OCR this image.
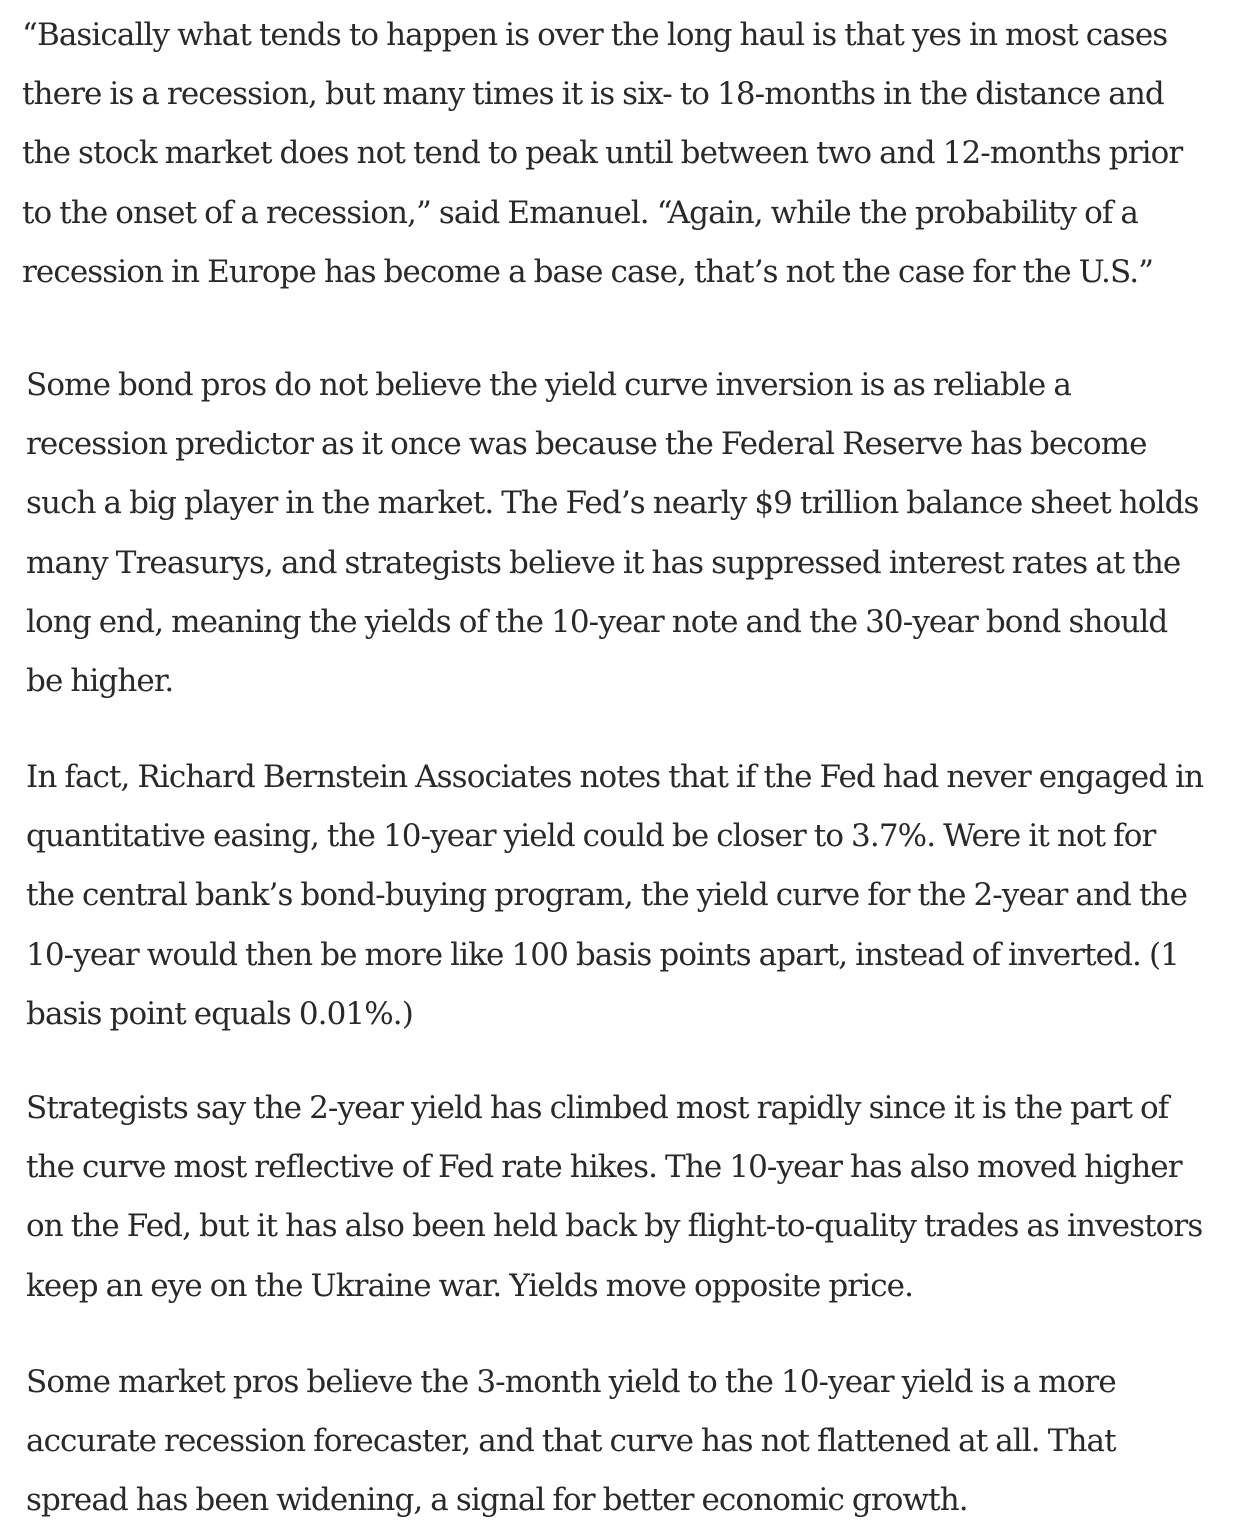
“Basically what tends to happen is over the long haul is that yes in most cases
there is a recession, but many times it is six- to 18-months in the distance and
the stock market does not tend to peak until between two and 12-months prior
to the onset of a recession,” said Emanuel. “Again, while the probability of a
recession in Europe has become a base case, that’s not the case for the U.S.”

Some bond pros do not believe the yield curve inversion is as reliable a
recession predictor as it once was because the Federal Reserve has become
such a big player in the market. The Fed’s nearly $9 trillion balance sheet holds
many Treasurys, and strategists believe it has suppressed interest rates at the
long end, meaning the yields of the 10-year note and the 30-year bond should
be higher.

In fact, Richard Bernstein Associates notes that if the Fed had never engaged in
quantitative easing, the 10-year yield could be closer to 3.7%. Were it not for
the central bank’s bond-buying program, the yield curve for the 2-year and the
10-year would then be more like 100 basis points apart, instead of inverted. (1
basis point equals 0.01%.)

Strategists say the 2-year yield has climbed most rapidly since it is the part of
the curve most reflective of Fed rate hikes. The 10-year has also moved higher
on the Fed, but it has also been held back by flight-to-quality trades as investors
keep an eye on the Ukraine war. Yields move opposite price.

Some market pros believe the 3-month yield to the 10-year yield is a more
accurate recession forecaster, and that curve has not flattened at all. That
spread has been widening, a signal for better economic growth.
